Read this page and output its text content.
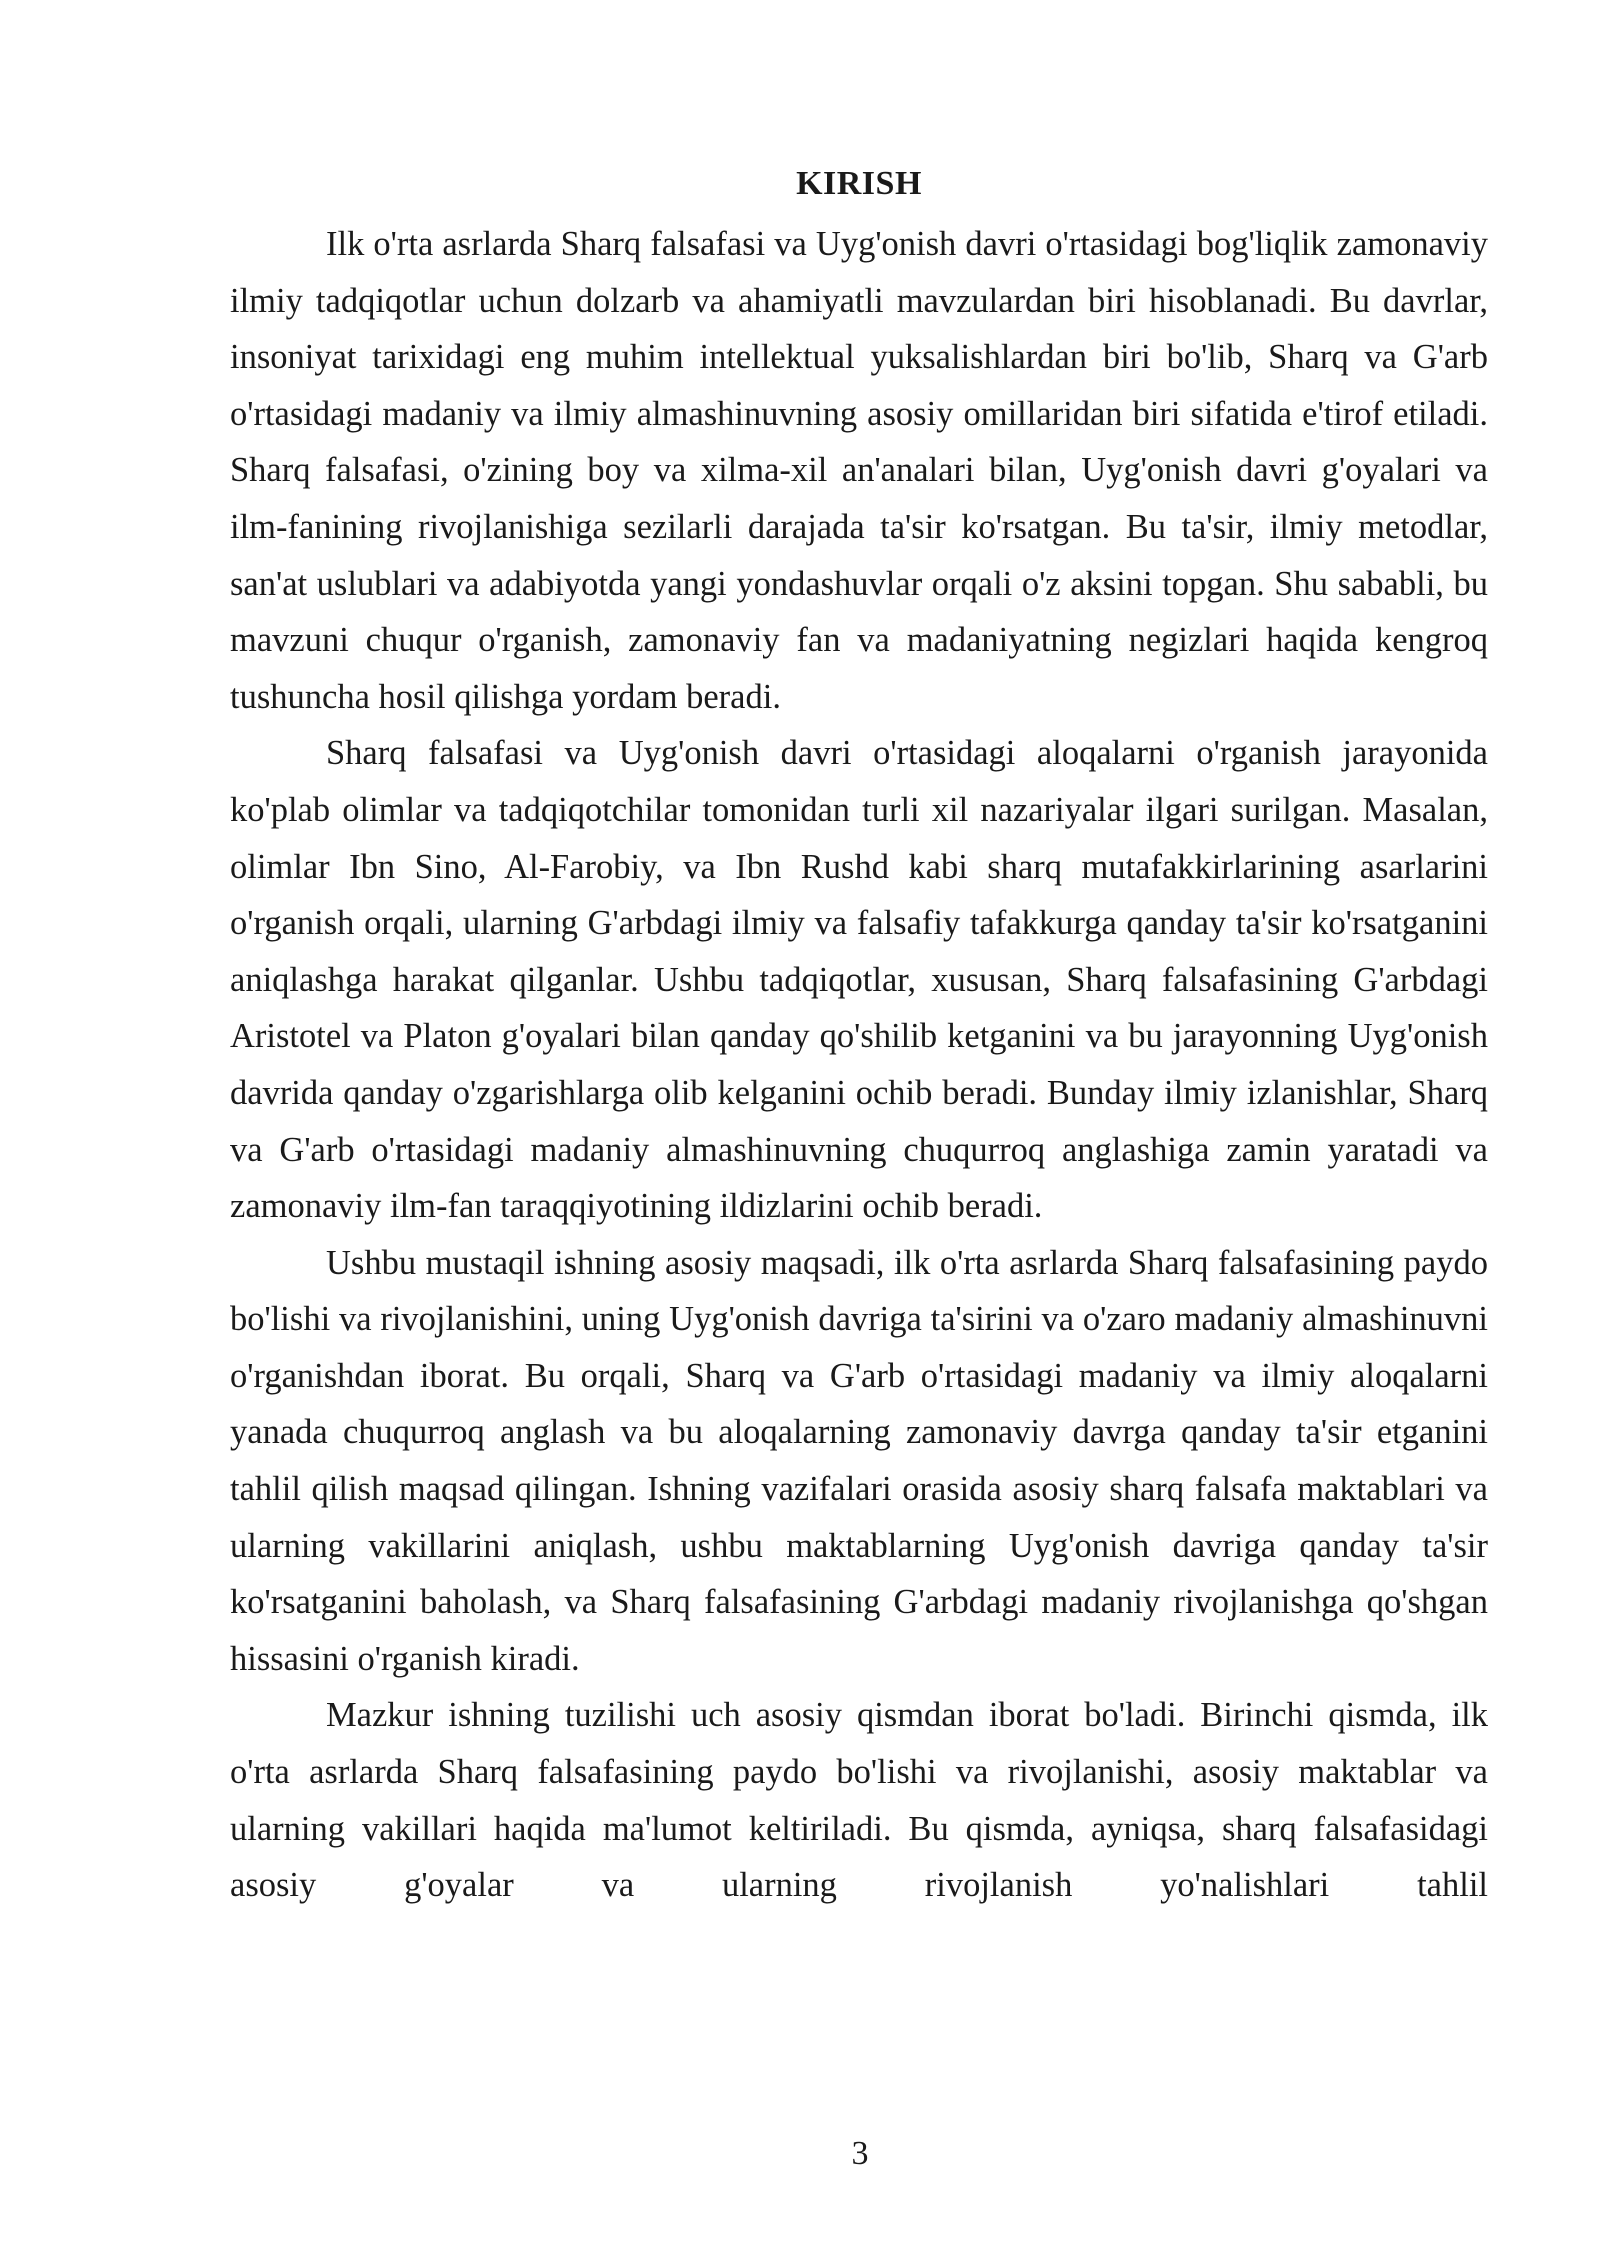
KIRISH

Ilk o'rta asrlarda Sharq falsafasi va Uyg'onish davri o'rtasidagi bog'liqlik zamonaviy ilmiy tadqiqotlar uchun dolzarb va ahamiyatli mavzulardan biri hisoblanadi. Bu davrlar, insoniyat tarixidagi eng muhim intellektual yuksalishlardan biri bo'lib, Sharq va G'arb o'rtasidagi madaniy va ilmiy almashinuvning asosiy omillaridan biri sifatida e'tirof etiladi. Sharq falsafasi, o'zining boy va xilma-xil an'analari bilan, Uyg'onish davri g'oyalari va ilm-fanining rivojlanishiga sezilarli darajada ta'sir ko'rsatgan. Bu ta'sir, ilmiy metodlar, san'at uslublari va adabiyotda yangi yondashuvlar orqali o'z aksini topgan. Shu sababli, bu mavzuni chuqur o'rganish, zamonaviy fan va madaniyatning negizlari haqida kengroq tushuncha hosil qilishga yordam beradi.

Sharq falsafasi va Uyg'onish davri o'rtasidagi aloqalarni o'rganish jarayonida ko'plab olimlar va tadqiqotchilar tomonidan turli xil nazariyalar ilgari surilgan. Masalan, olimlar Ibn Sino, Al-Farobiy, va Ibn Rushd kabi sharq mutafakkirlarining asarlarini o'rganish orqali, ularning G'arbdagi ilmiy va falsafiy tafakkurga qanday ta'sir ko'rsatganini aniqlashga harakat qilganlar. Ushbu tadqiqotlar, xususan, Sharq falsafasining G'arbdagi Aristotel va Platon g'oyalari bilan qanday qo'shilib ketganini va bu jarayonning Uyg'onish davrida qanday o'zgarishlarga olib kelganini ochib beradi. Bunday ilmiy izlanishlar, Sharq va G'arb o'rtasidagi madaniy almashinuvning chuqurroq anglashiga zamin yaratadi va zamonaviy ilm-fan taraqqiyotining ildizlarini ochib beradi.

Ushbu mustaqil ishning asosiy maqsadi, ilk o'rta asrlarda Sharq falsafasining paydo bo'lishi va rivojlanishini, uning Uyg'onish davriga ta'sirini va o'zaro madaniy almashinuvni o'rganishdan iborat. Bu orqali, Sharq va G'arb o'rtasidagi madaniy va ilmiy aloqalarni yanada chuqurroq anglash va bu aloqalarning zamonaviy davrga qanday ta'sir etganini tahlil qilish maqsad qilingan. Ishning vazifalari orasida asosiy sharq falsafa maktablari va ularning vakillarini aniqlash, ushbu maktablarning Uyg'onish davriga qanday ta'sir ko'rsatganini baholash, va Sharq falsafasining G'arbdagi madaniy rivojlanishga qo'shgan hissasini o'rganish kiradi.

Mazkur ishning tuzilishi uch asosiy qismdan iborat bo'ladi. Birinchi qismda, ilk o'rta asrlarda Sharq falsafasining paydo bo'lishi va rivojlanishi, asosiy maktablar va ularning vakillari haqida ma'lumot keltiriladi. Bu qismda, ayniqsa, sharq falsafasidagi asosiy g'oyalar va ularning rivojlanish yo'nalishlari tahlil

3
